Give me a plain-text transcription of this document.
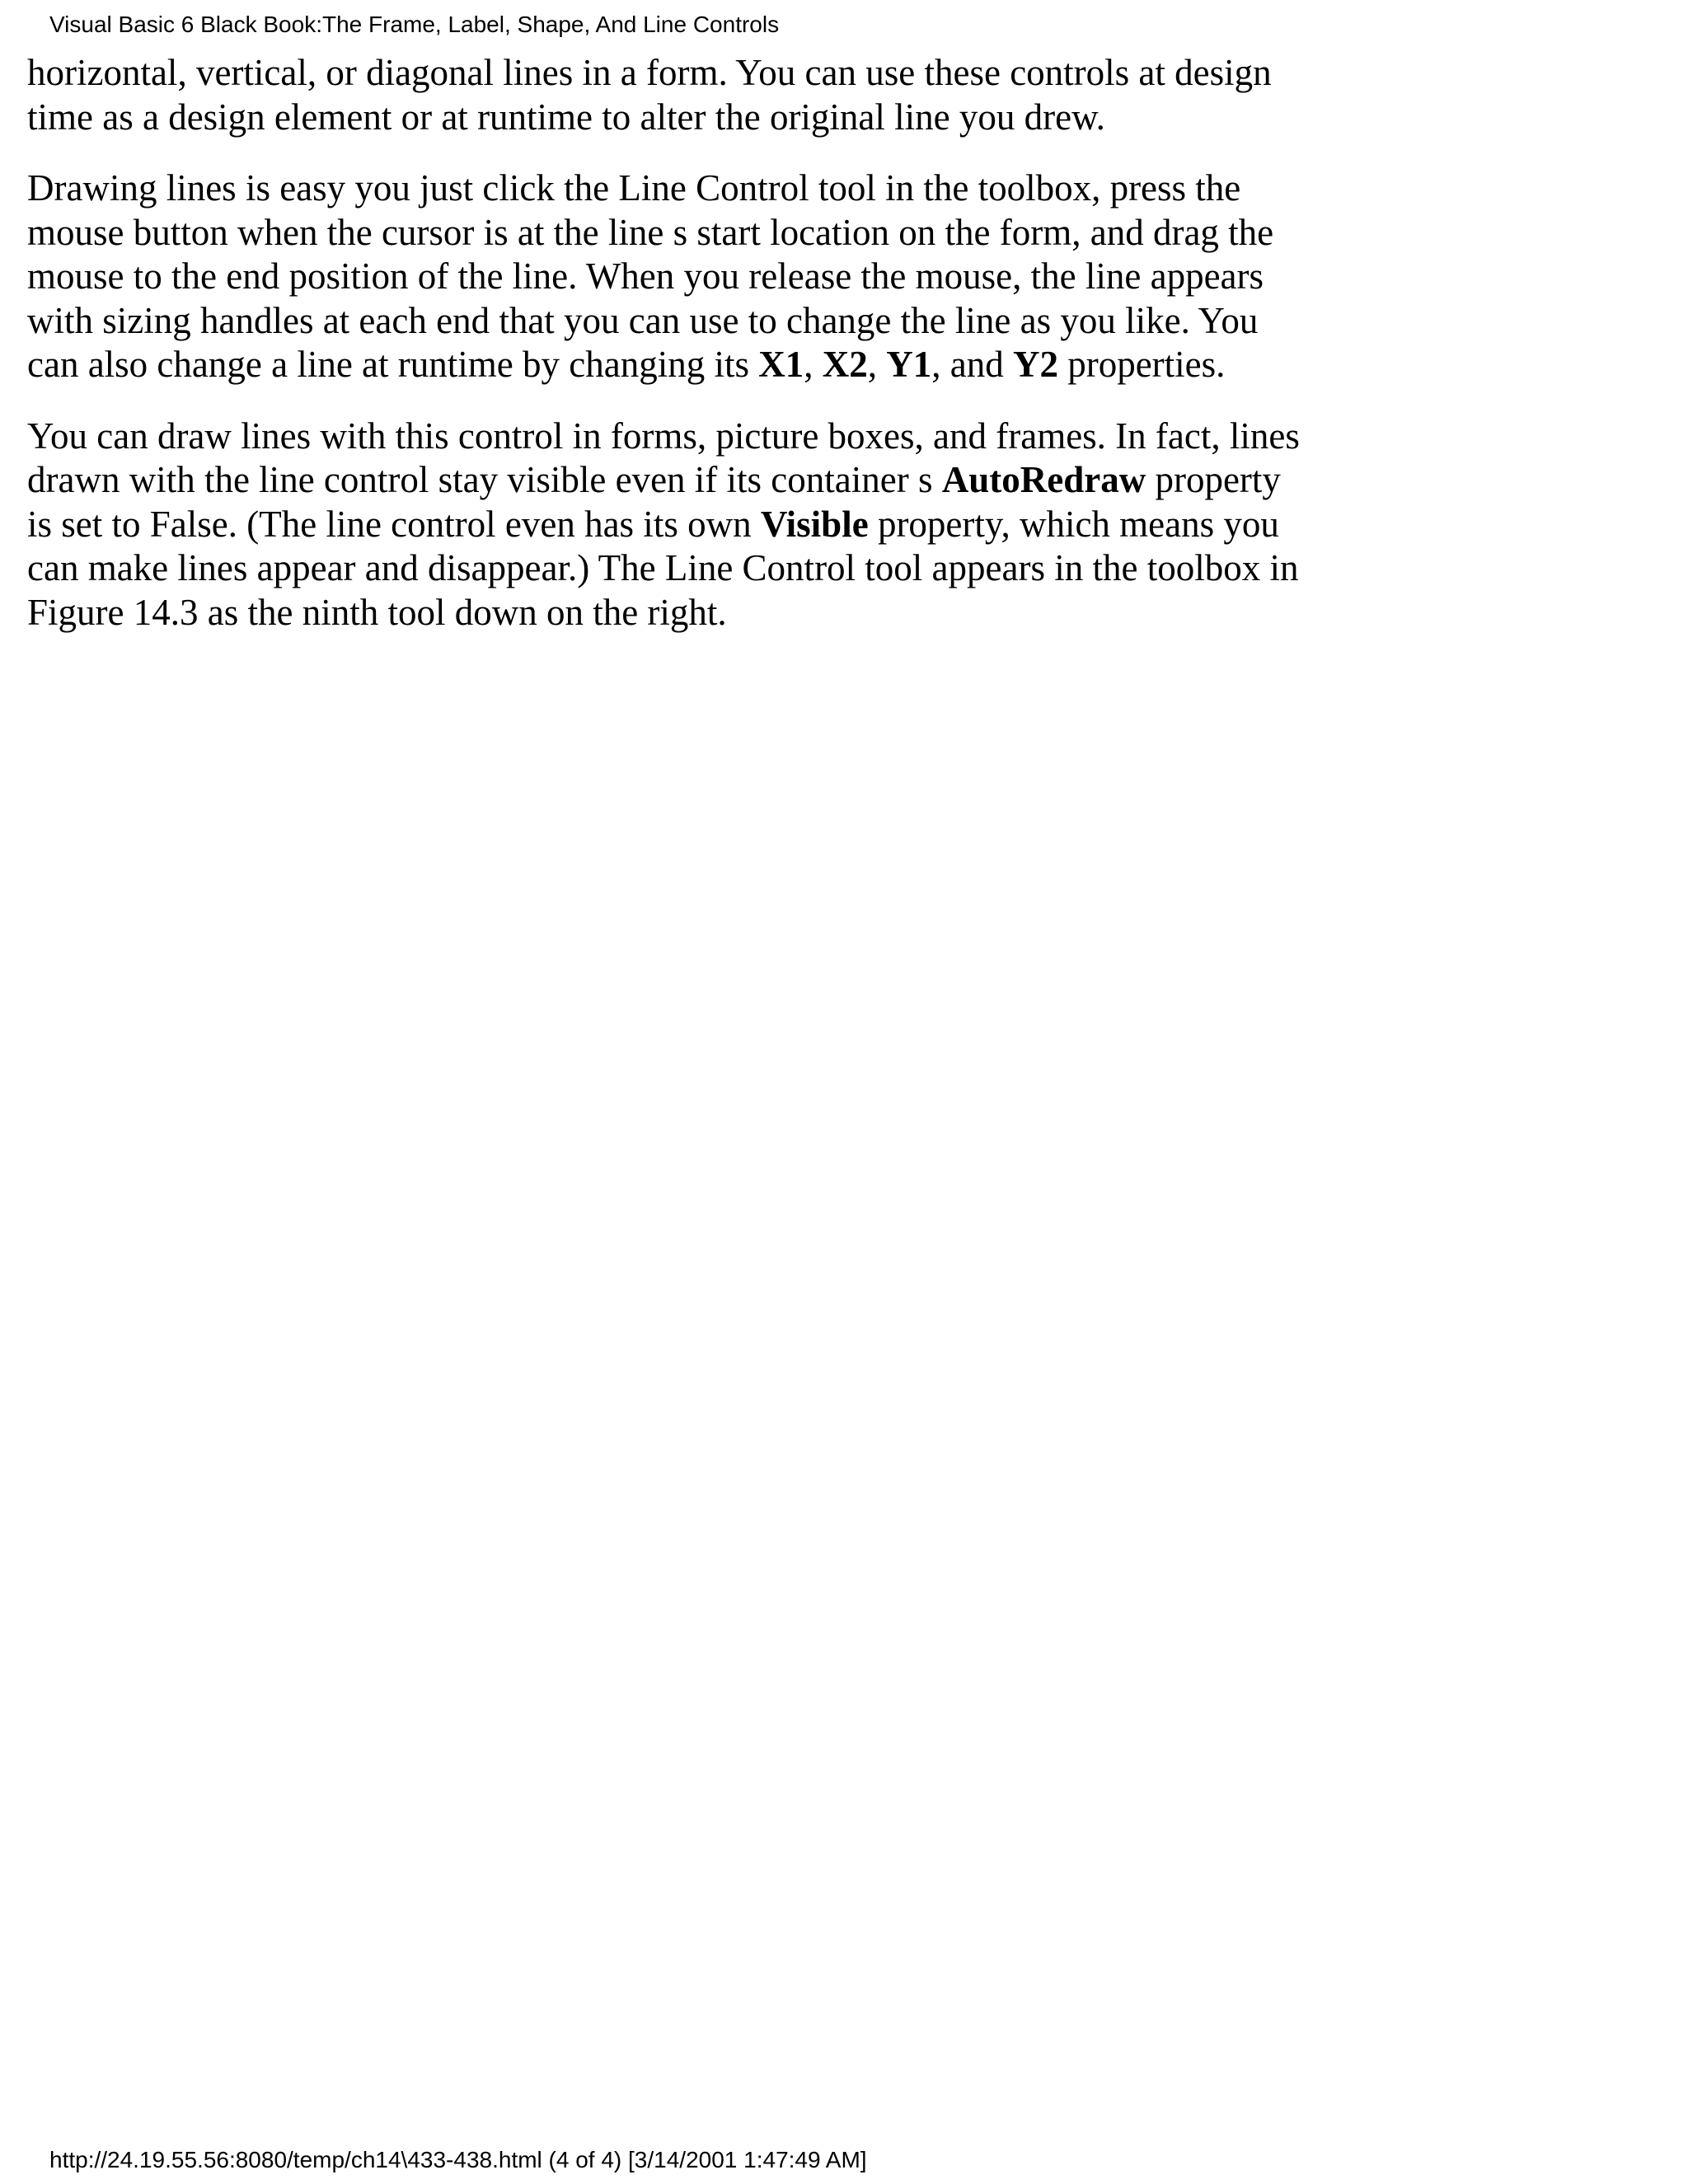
Visual Basic 6 Black Book:The Frame, Label, Shape, And Line Controls

horizontal, vertical, or diagonal lines in a form. You can use these controls at design
time as a design element or at runtime to alter the original line you drew.

Drawing lines is easy you just click the Line Control tool in the toolbox, press the
mouse button when the cursor is at the line s start location on the form, and drag the
mouse to the end position of the line. When you release the mouse, the line appears
with sizing handles at each end that you can use to change the line as you like. You
can also change a line at runtime by changing its X1, X2, Y1, and Y2 properties.

You can draw lines with this control in forms, picture boxes, and frames. In fact, lines
drawn with the line control stay visible even if its container s AutoRedraw property
is set to False. (The line control even has its own Visible property, which means you
can make lines appear and disappear.) The Line Control tool appears in the toolbox in
Figure 14.3 as the ninth tool down on the right.

http://24.19.55.56:8080/temp/ch14\433-438.html (4 of 4) [3/14/2001 1:47:49 AM]
